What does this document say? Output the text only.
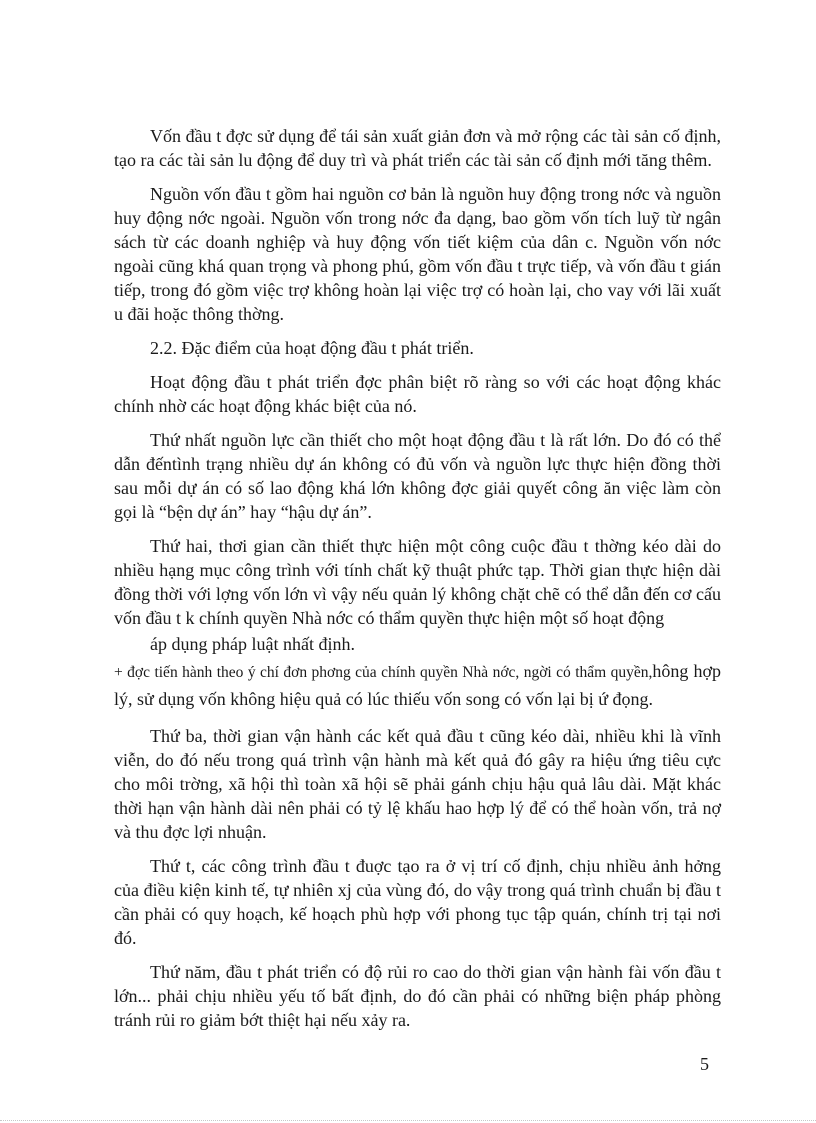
Vốn đầu t đợc sử dụng để tái sản xuất giản đơn và mở rộng các tài sản cố định, tạo ra các tài sản lu động để duy trì và phát triển các tài sản cố định mới tăng thêm.

Nguồn vốn đầu t gồm hai nguồn cơ bản là nguồn huy động trong nớc và nguồn huy động nớc ngoài. Nguồn vốn trong nớc đa dạng, bao gồm vốn tích luỹ từ ngân sách từ các doanh nghiệp và huy động vốn tiết kiệm của dân c. Nguồn vốn nớc ngoài cũng khá quan trọng và phong phú, gồm vốn đầu t trực tiếp, và vốn đầu t gián tiếp, trong đó gồm việc trợ không hoàn lại việc trợ có hoàn lại, cho vay với lãi xuất u đãi hoặc thông thờng.

2.2. Đặc điểm của hoạt động đầu t phát triển.

Hoạt động đầu t phát triển đợc phân biệt rõ ràng so với các hoạt động khác chính nhờ các hoạt động khác biệt của nó.

Thứ nhất nguồn lực cần thiết cho một hoạt động đầu t là rất lớn. Do đó có thể dẫn đếntình trạng nhiều dự án không có đủ vốn và nguồn lực thực hiện đồng thời sau mỗi dự án có số lao động khá lớn không đợc giải quyết công ăn việc làm còn gọi là “bện dự án” hay “hậu dự án”.

Thứ hai, thơi gian cần thiết thực hiện một công cuộc đầu t thờng kéo dài do nhiều hạng mục công trình với tính chất kỹ thuật phức tạp. Thời gian thực hiện dài đồng thời với lợng vốn lớn vì vậy nếu quản lý không chặt chẽ có thể dẫn đến cơ cấu vốn đầu t k chính quyền Nhà nớc có thẩm quyền thực hiện một số hoạt động

áp dụng pháp luật nhất định.

+ đợc tiến hành theo ý chí đơn phơng của chính quyền Nhà nớc, ngời có thẩm quyền,hông hợp lý, sử dụng vốn không hiệu quả có lúc thiếu vốn song có vốn lại bị ứ đọng.

Thứ ba, thời gian vận hành các kết quả đầu t cũng kéo dài, nhiều khi là vĩnh viễn, do đó nếu trong quá trình vận hành mà kết quả đó gây ra hiệu ứng tiêu cực cho môi trờng, xã hội thì toàn xã hội sẽ phải gánh chịu hậu quả lâu dài. Mặt khác thời hạn vận hành dài nên phải có tỷ lệ khấu hao hợp lý để có thể hoàn vốn, trả nợ và thu đợc lợi nhuận.

Thứ t, các công trình đầu t đuợc tạo ra ở vị trí cố định, chịu nhiều ảnh hởng của điều kiện kinh tế, tự nhiên xj của vùng đó, do vậy trong quá trình chuẩn bị đầu t cần phải có quy hoạch, kế hoạch phù hợp với phong tục tập quán, chính trị tại nơi đó.

Thứ năm, đầu t phát triển có độ rủi ro cao do thời gian vận hành fài vốn đầu t lớn... phải chịu nhiều yếu tố bất định, do đó cần phải có những biện pháp phòng tránh rủi ro giảm bớt thiệt hại nếu xảy ra.

5
